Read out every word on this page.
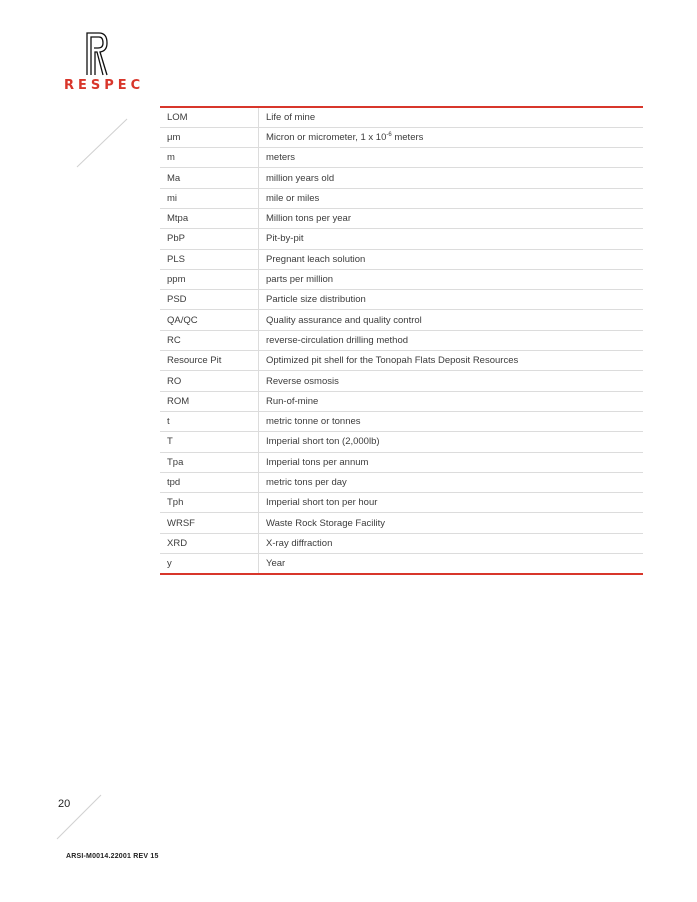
RESPEC
LOM	Life of mine
μm	Micron or micrometer, 1 x $10^{-6}$ meters
m	meters
Ma	million years old
mi	mile or miles
Mtpa	Million tons per year
PbP	Pit-by-pit
PLS	Pregnant leach solution
ppm	parts per million
PSD	Particle size distribution
QA/QC	Quality assurance and quality control
RC	reverse-circulation drilling method
Resource Pit	Optimized pit shell for the Tonopah Flats Deposit Resources
RO	Reverse osmosis
ROM	Run-of-mine
t	metric tonne or tonnes
T	Imperial short ton (2,000lb)
Tpa	Imperial tons per annum
tpd	metric tons per day
Tph	Imperial short ton per hour
WRSF	Waste Rock Storage Facility
XRD	X-ray diffraction
y	Year
20
ARSI-M0014.22001 REV 15
